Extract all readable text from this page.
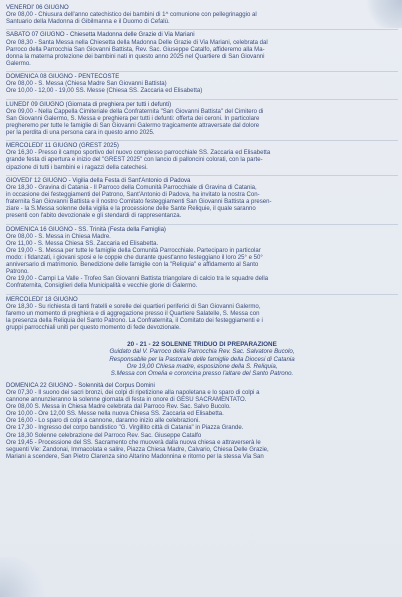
VENERDI' 06 GIUGNO
Ore 08,00 - Chiusura dell'anno catechistico dei bambini di 1^ comunione con pellegrinaggio al
Santuario della Madonna di Gibilmanna e il Duomo di Cefalù.
SABATO 07 GIUGNO - Chiesetta Madonna delle Grazie di Via Mariani
Ore 08,30 - Santa Messa nella Chiesetta della Madonna Delle Grazie di Via Mariani, celebrata dal
Parroco della Parrocchia San Giovanni Battista, Rev. Sac. Giuseppe Catalfo, affideremo alla Ma-
donna la materna protezione dei bambini nati in questo anno 2025 nel Quartiere di San Giovanni
Galermo.
DOMENICA 08 GIUGNO - PENTECOSTE
Ore 08,00 - S. Messa (Chiesa Madre San Giovanni Battista)
Ore 10,00 - 12,00 - 19,00 SS. Messe (Chiesa SS. Zaccaria ed Elisabetta)
LUNEDI' 09 GIUGNO (Giornata di preghiera per tutti i defunti)
Ore 09,00 - Nella Cappella Cimiteriale della Confraternita "San Giovanni Battista" del Cimitero di
San Giovanni Galermo, S. Messa e preghiera per tutti i defunti: offerta dei ceroni. In particolare
pregheremo per tutte le famiglie di San Giovanni Galermo tragicamente attraversate dal dolore
per la perdita di una persona cara in questo anno 2025.
MERCOLEDI' 11 GIUGNO (GREST 2025)
Ore 16,30 - Presso il campo sportivo del nuovo complesso parrocchiale SS. Zaccaria ed Elisabetta
grande festa di apertura e inizio del "GREST 2025" con lancio di palloncini colorati, con la parte-
cipazione di tutti i bambini e i ragazzi della catechesi.
GIOVEDI' 12 GIUGNO - Vigilia della Festa di Sant'Antonio di Padova
Ore 18,30 - Gravina di Catania - Il Parroco della Comunità Parrocchiale di Gravina di Catania,
in occasione dei festeggiamenti del Patrono, Sant'Antonio di Padova, ha invitato la nostra Con-
fraternita San Giovanni Battista e il nostro Comitato festeggiamenti San Giovanni Battista a presen-
ziare - la S.Messa solenne della vigilia e la processione delle Sante Reliquie, il quale saranno
presenti con l'abito devozionale e gli stendardi di rappresentanza.
DOMENICA 16 GIUGNO - SS. Trinità (Festa della Famiglia)
Ore 08,00 - S. Messa in Chiesa Madre.
Ore 11,00 - S. Messa Chiesa SS. Zaccaria ed Elisabetta.
Ore 19,00 - S. Messa per tutte le famiglie della Comunità Parrocchiale. Parteciparo in particolar
modo: i fidanzati, i giovani sposi e le coppie che durante quest'anno festeggiano il loro 25° e 50°
anniversario di matrimonio. Benedizione delle famiglie con la "Reliquia" e affidamento al Santo
Patrono.
Ore 19,00 - Campi La Valle - Trofeo San Giovanni Battista triangolare di calcio tra le squadre della
Confraternita, Consiglieri della Municipalità e vecchie glorie di Galermo.
MERCOLEDI' 18 GIUGNO
Ore 18,30 - Su richiesta di tanti fratelli e sorelle dei quartieri periferici di San Giovanni Galermo,
faremo un momento di preghiera e di aggregazione presso il Quartiere Salatelle, S. Messa con
la presenza della Reliquia del Santo Patrono. La Confraternita, il Comitato dei festeggiamenti e i
gruppi parrocchiali uniti per questo momento di fede devozionale.
20 - 21 - 22 SOLENNE TRIDUO DI PREPARAZIONE
Guidato dal V. Parroco della Parrocchia Rev. Sac. Salvatore Bucolo,
Responsabile per la Pastorale delle famiglie della Diocesi di Catania
Ore 19,00 Chiesa madre, esposizione della S. Reliquia,
S.Messa con Omelia e coroncina presso l'altare del Santo Patrono.
DOMENICA 22 GIUGNO - Solennità del Corpus Domini
Ore 07,30 - Il suono dei sacri bronzi, dei colpi di ripetizione alla napoletana e lo sparo di colpi a
cannone annunzieranno la solenne giornata di festa in onore di GESU SACRAMENTATO.
Ore 08,00 S. Messa in Chiesa Madre celebrata dal Parroco Rev. Sac. Salvo Bucolo.
Ore 10,00 - Ore 12,00 SS. Messe nella nuova Chiesa SS. Zaccaria ed Elisabetta.
Ore 16,00 - Lo sparo di colpi a cannone, daranno inizio alle celebrazioni.
Ore 17,30 - Ingresso del corpo bandistico "G. Virgillito città di Catania" in Piazza Grande.
Ore 18,30 Solenne celebrazione del Parroco Rev. Sac. Giuseppe Catalfo
Ore 19,45 - Processione del SS. Sacramento che muoverà dalla nuova chiesa e attraverserà le
seguenti Vie: Zandonai, Immacolata e salire, Piazza Chiesa Madre, Calvario, Chiesa Delle Grazie,
Mariani a scendere, San Pietro Clarenza sino Altarino Madonnina e ritorno per la stessa Via San
